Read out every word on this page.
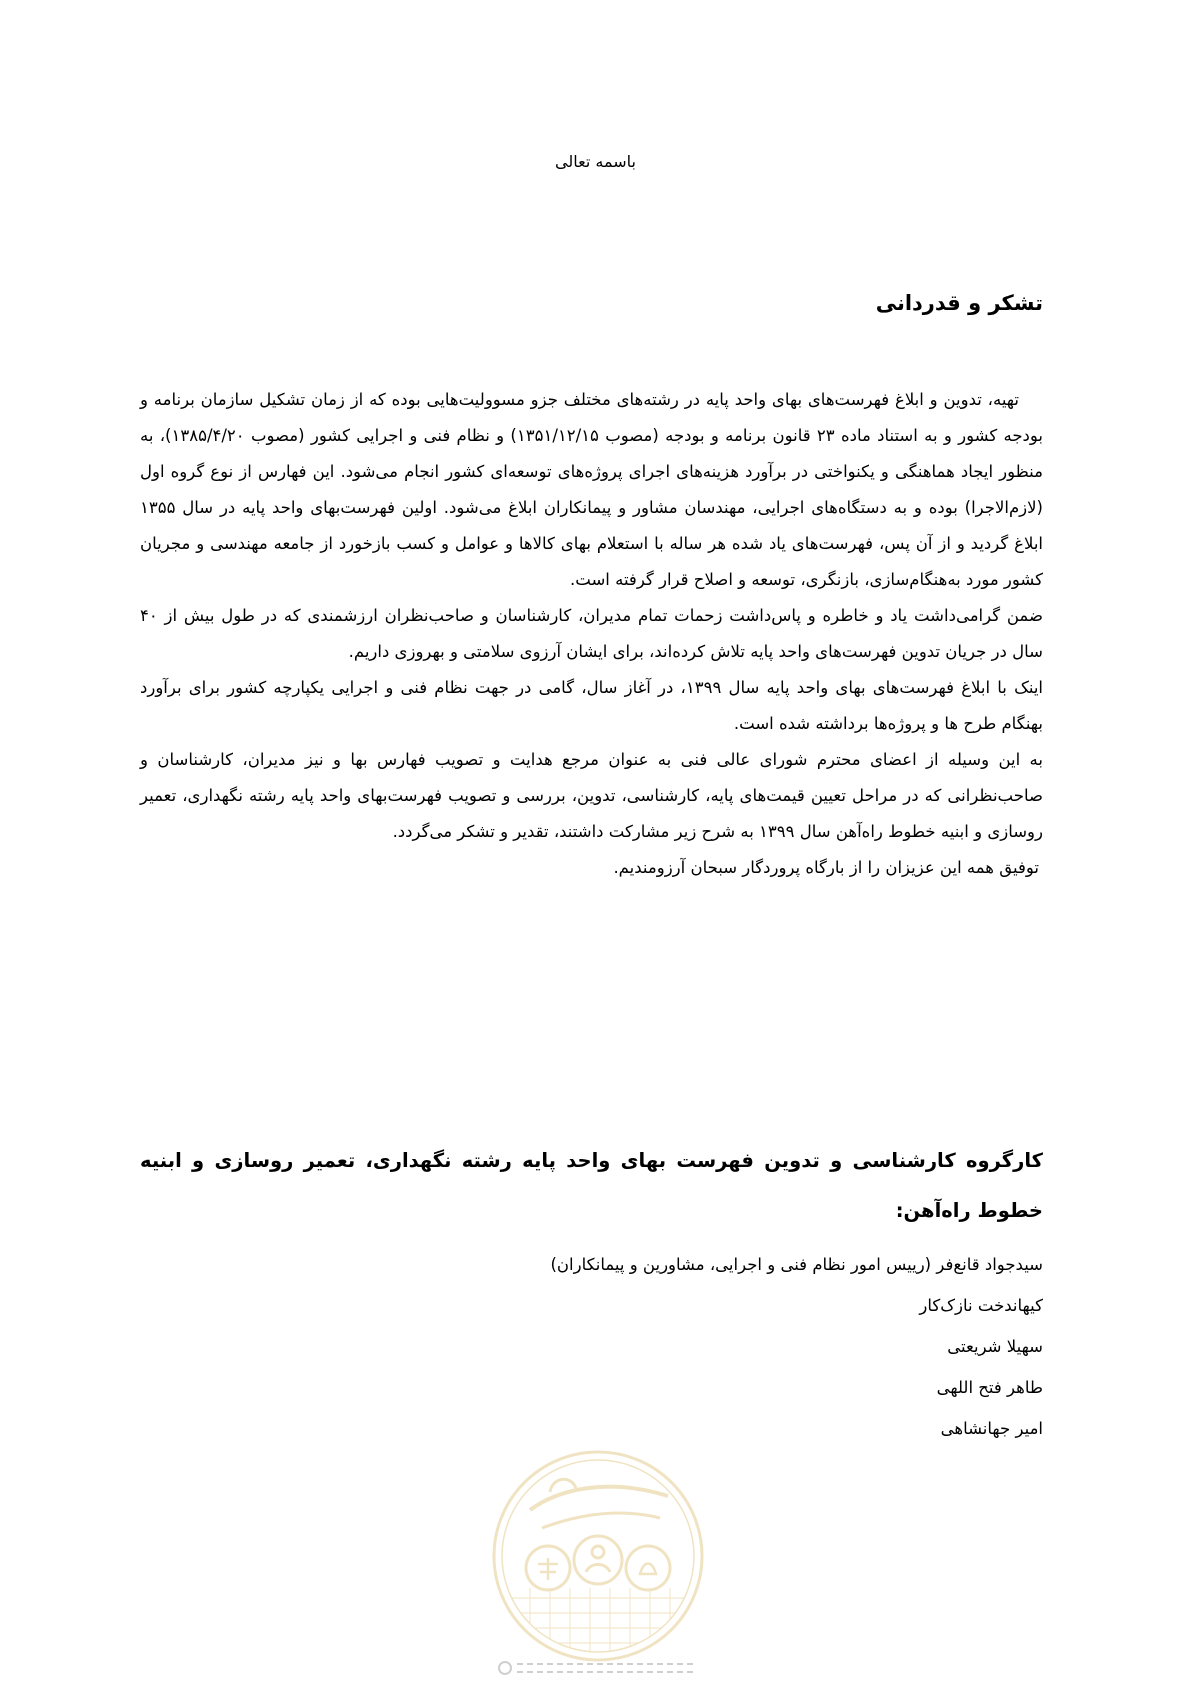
باسمه تعالی
تشکر و قدردانی

تهیه، تدوین و ابلاغ فهرست‌های بهای واحد پایه در رشته‌های مختلف جزو مسوولیت‌هایی بوده که از زمان تشکیل سازمان برنامه و بودجه کشور و به استناد ماده ۲۳ قانون برنامه و بودجه (مصوب ۱۳۵۱/۱۲/۱۵) و نظام فنی و اجرایی کشور (مصوب ۱۳۸۵/۴/۲۰)، به منظور ایجاد هماهنگی و یکنواختی در برآورد هزینه‌های اجرای پروژه‌های توسعه‌ای کشور انجام می‌شود. این فهارس از نوع گروه اول (لازم‌الاجرا) بوده و به دستگاه‌های اجرایی، مهندسان مشاور و پیمانکاران ابلاغ می‌شود. اولین فهرست‌بهای واحد پایه در سال ۱۳۵۵ ابلاغ گردید و از آن پس، فهرست‌های یاد شده هر ساله با استعلام بهای کالاها و عوامل و کسب بازخورد از جامعه مهندسی و مجریان کشور مورد به‌هنگام‌سازی، بازنگری، توسعه و اصلاح قرار گرفته است.

ضمن گرامی‌داشت یاد و خاطره و پاس‌داشت زحمات تمام مدیران، کارشناسان و صاحب‌نظران ارزشمندی که در طول بیش از ۴۰ سال در جریان تدوین فهرست‌های واحد پایه تلاش کرده‌اند، برای ایشان آرزوی سلامتی و بهروزی داریم.

اینک با ابلاغ فهرست‌های بهای واحد پایه سال ۱۳۹۹، در آغاز سال، گامی در جهت نظام فنی و اجرایی یکپارچه کشور برای برآورد بهنگام طرح ها و پروژه‌ها برداشته شده است.

به این وسیله از اعضای محترم شورای عالی فنی به عنوان مرجع هدایت و تصویب فهارس بها و نیز مدیران، کارشناسان و صاحب‌نظرانی که در مراحل تعیین قیمت‌های پایه، کارشناسی، تدوین، بررسی و تصویب فهرست‌بهای واحد پایه رشته نگهداری، تعمیر روسازی و ابنیه خطوط راه‌آهن سال ۱۳۹۹ به شرح زیر مشارکت داشتند، تقدیر و تشکر می‌گردد.

توفیق همه این عزیزان را از بارگاه پروردگار سبحان آرزومندیم.

کارگروه کارشناسی و تدوین فهرست بهای واحد پایه رشته نگهداری، تعمیر روسازی و ابنیه خطوط راه‌آهن:
سیدجواد قانع‌فر (رییس امور نظام فنی و اجرایی، مشاورین و پیمانکاران)
کیهاندخت نازک‌کار
سهیلا شریعتی
طاهر فتح اللهی
امیر جهانشاهی
